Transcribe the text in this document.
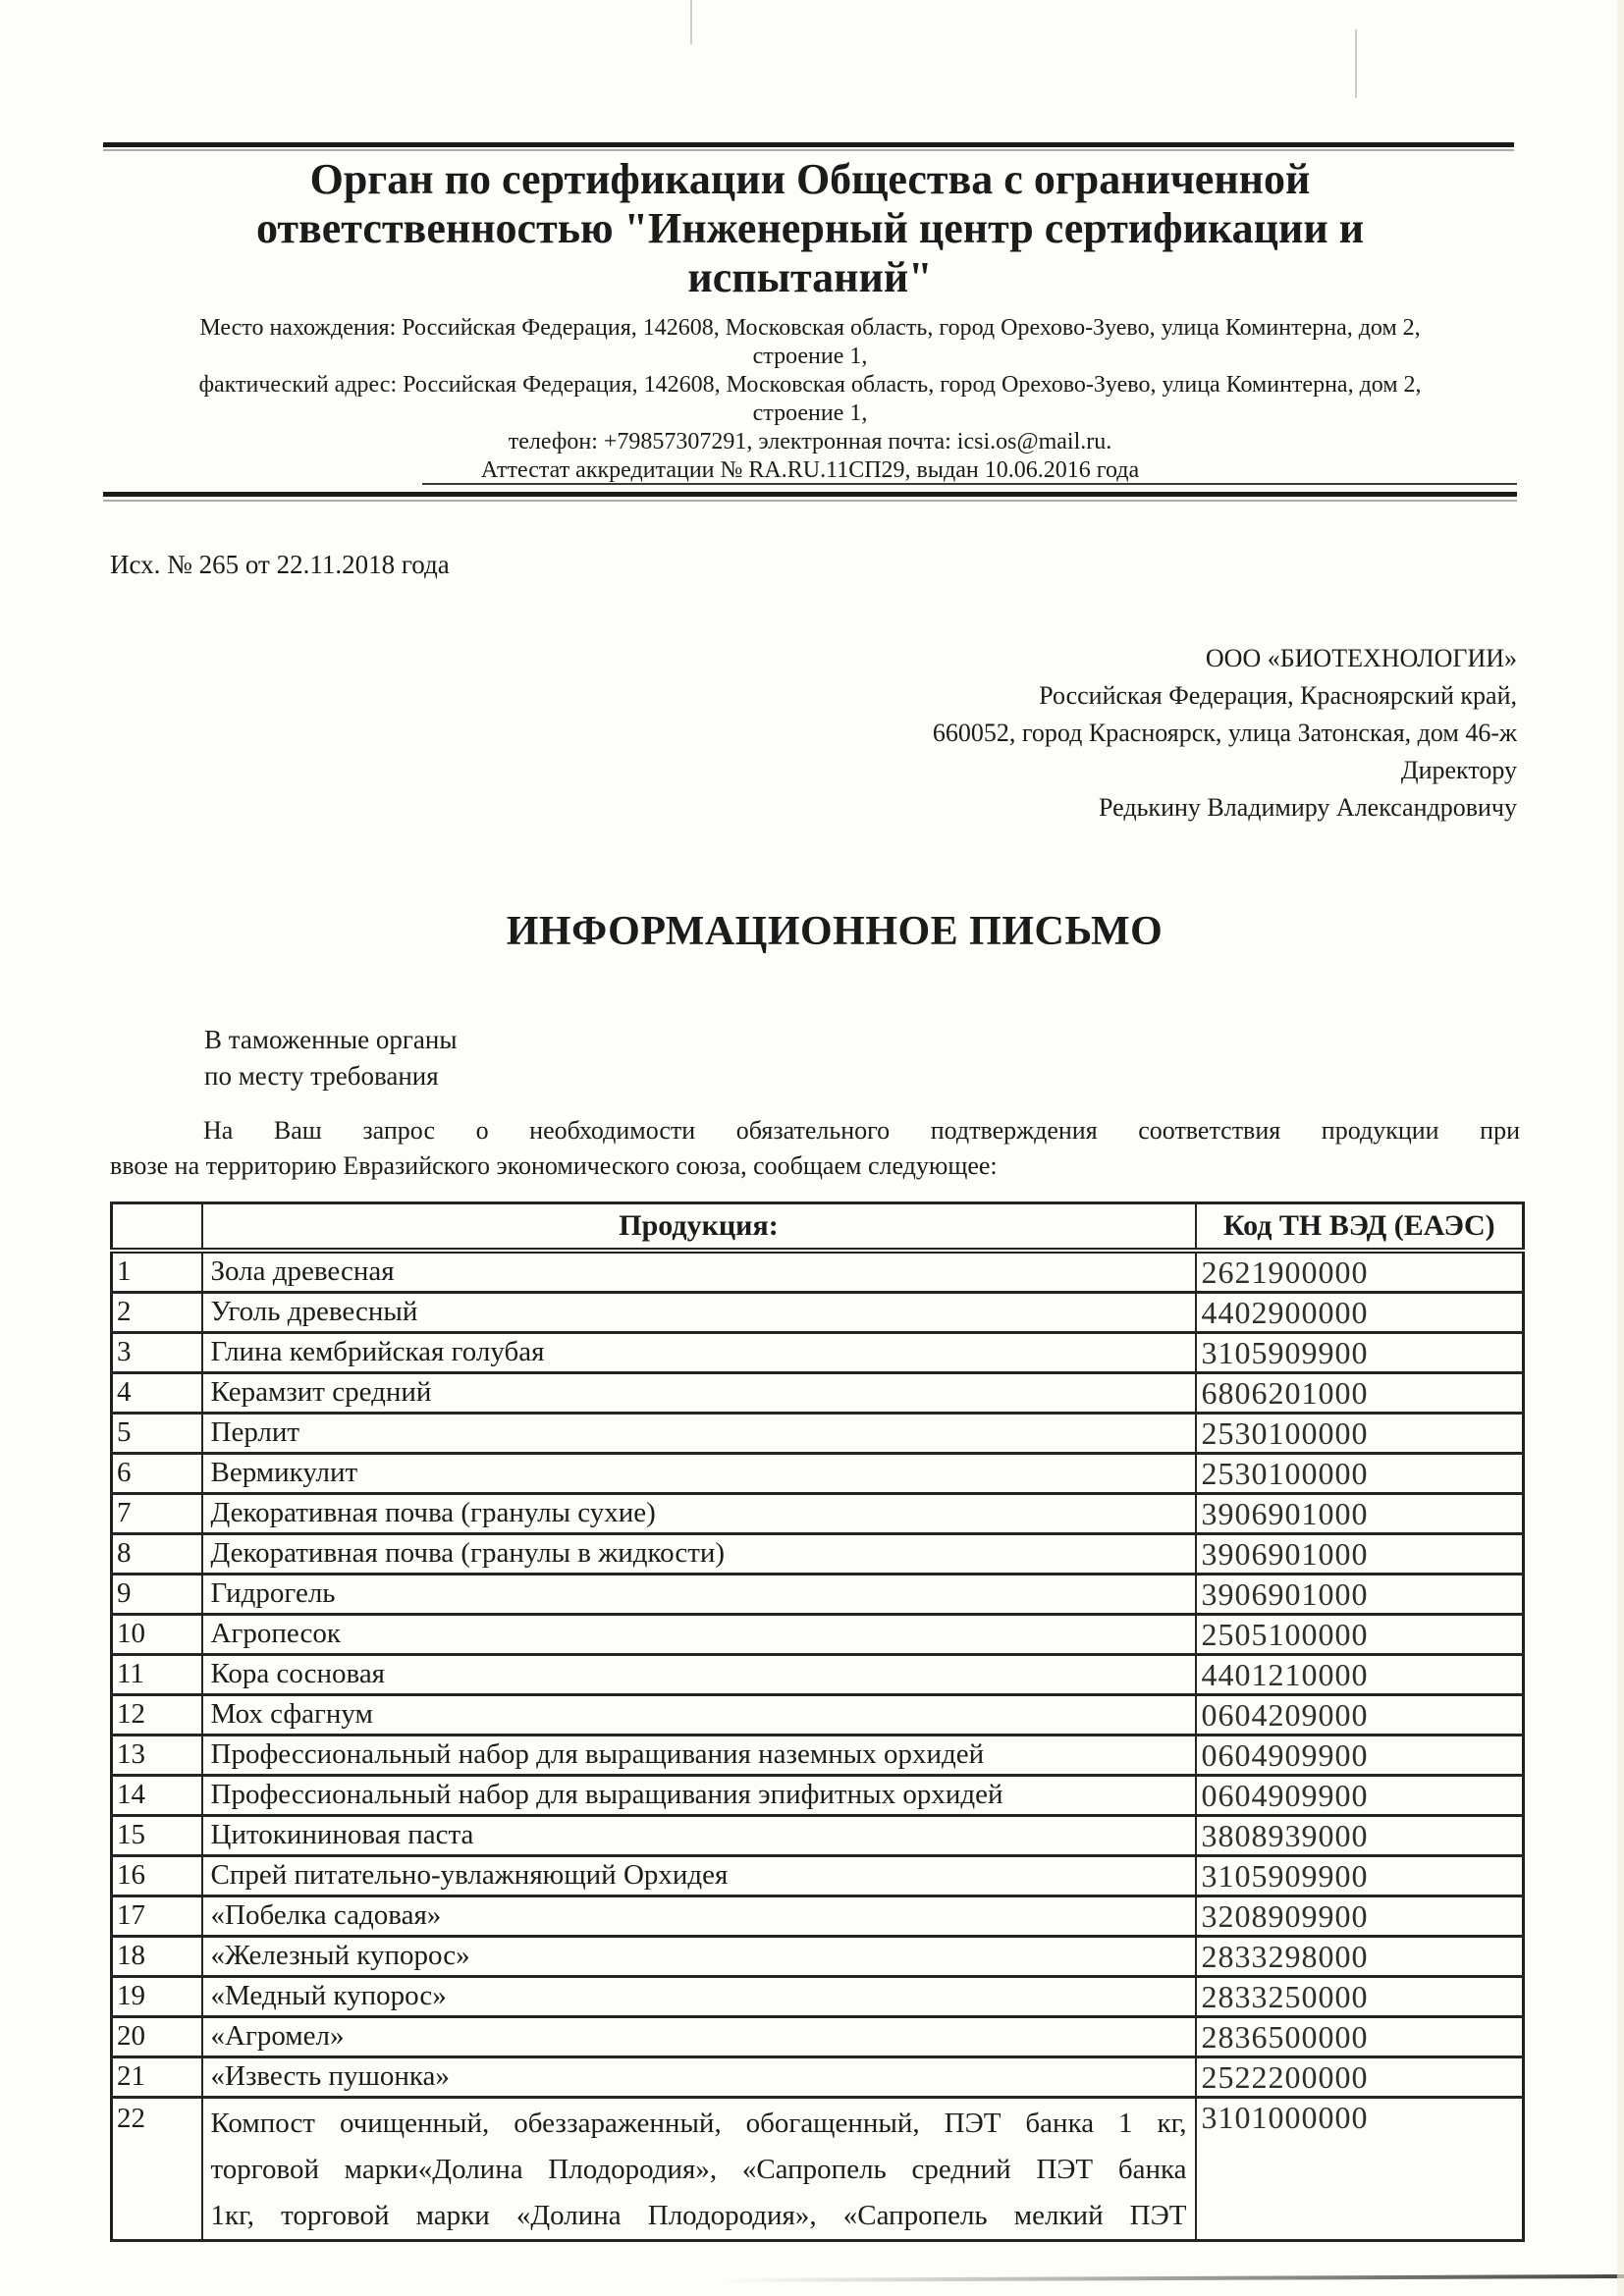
Орган по сертификации Общества с ограниченной
ответственностью "Инженерный центр сертификации и
испытаний"
Место нахождения: Российская Федерация, 142608, Московская область, город Орехово-Зуево, улица Коминтерна, дом 2,
строение 1,
фактический адрес: Российская Федерация, 142608, Московская область, город Орехово-Зуево, улица Коминтерна, дом 2,
строение 1,
телефон: +79857307291, электронная почта: icsi.os@mail.ru.
Аттестат аккредитации № RA.RU.11СП29, выдан 10.06.2016 года
Исх. № 265 от 22.11.2018 года
ООО «БИОТЕХНОЛОГИИ»
Российская Федерация, Красноярский край,
660052, город Красноярск, улица Затонская, дом 46-ж
Директору
Редькину Владимиру Александровичу
ИНФОРМАЦИОННОЕ ПИСЬМО
В таможенные органы
по месту требования
На Ваш запрос о необходимости обязательного подтверждения соответствия продукции при
ввозе на территорию Евразийского экономического союза, сообщаем следующее:
	Продукция:	Код ТН ВЭД (ЕАЭС)
1	Зола древесная	2621900000
2	Уголь древесный	4402900000
3	Глина кембрийская голубая	3105909900
4	Керамзит средний	6806201000
5	Перлит	2530100000
6	Вермикулит	2530100000
7	Декоративная почва (гранулы сухие)	3906901000
8	Декоративная почва (гранулы в жидкости)	3906901000
9	Гидрогель	3906901000
10	Агропесок	2505100000
11	Кора сосновая	4401210000
12	Мох сфагнум	0604209000
13	Профессиональный набор для выращивания наземных орхидей	0604909900
14	Профессиональный набор для выращивания эпифитных орхидей	0604909900
15	Цитокининовая паста	3808939000
16	Спрей питательно-увлажняющий Орхидея	3105909900
17	«Побелка садовая»	3208909900
18	«Железный купорос»	2833298000
19	«Медный купорос»	2833250000
20	«Агромел»	2836500000
21	«Известь пушонка»	2522200000
22	Компост очищенный, обеззараженный, обогащенный, ПЭТ банка 1 кг,
торговой марки«Долина Плодородия», «Сапропель средний ПЭТ банка
1кг, торговой марки «Долина Плодородия», «Сапропель мелкий ПЭТ	3101000000
